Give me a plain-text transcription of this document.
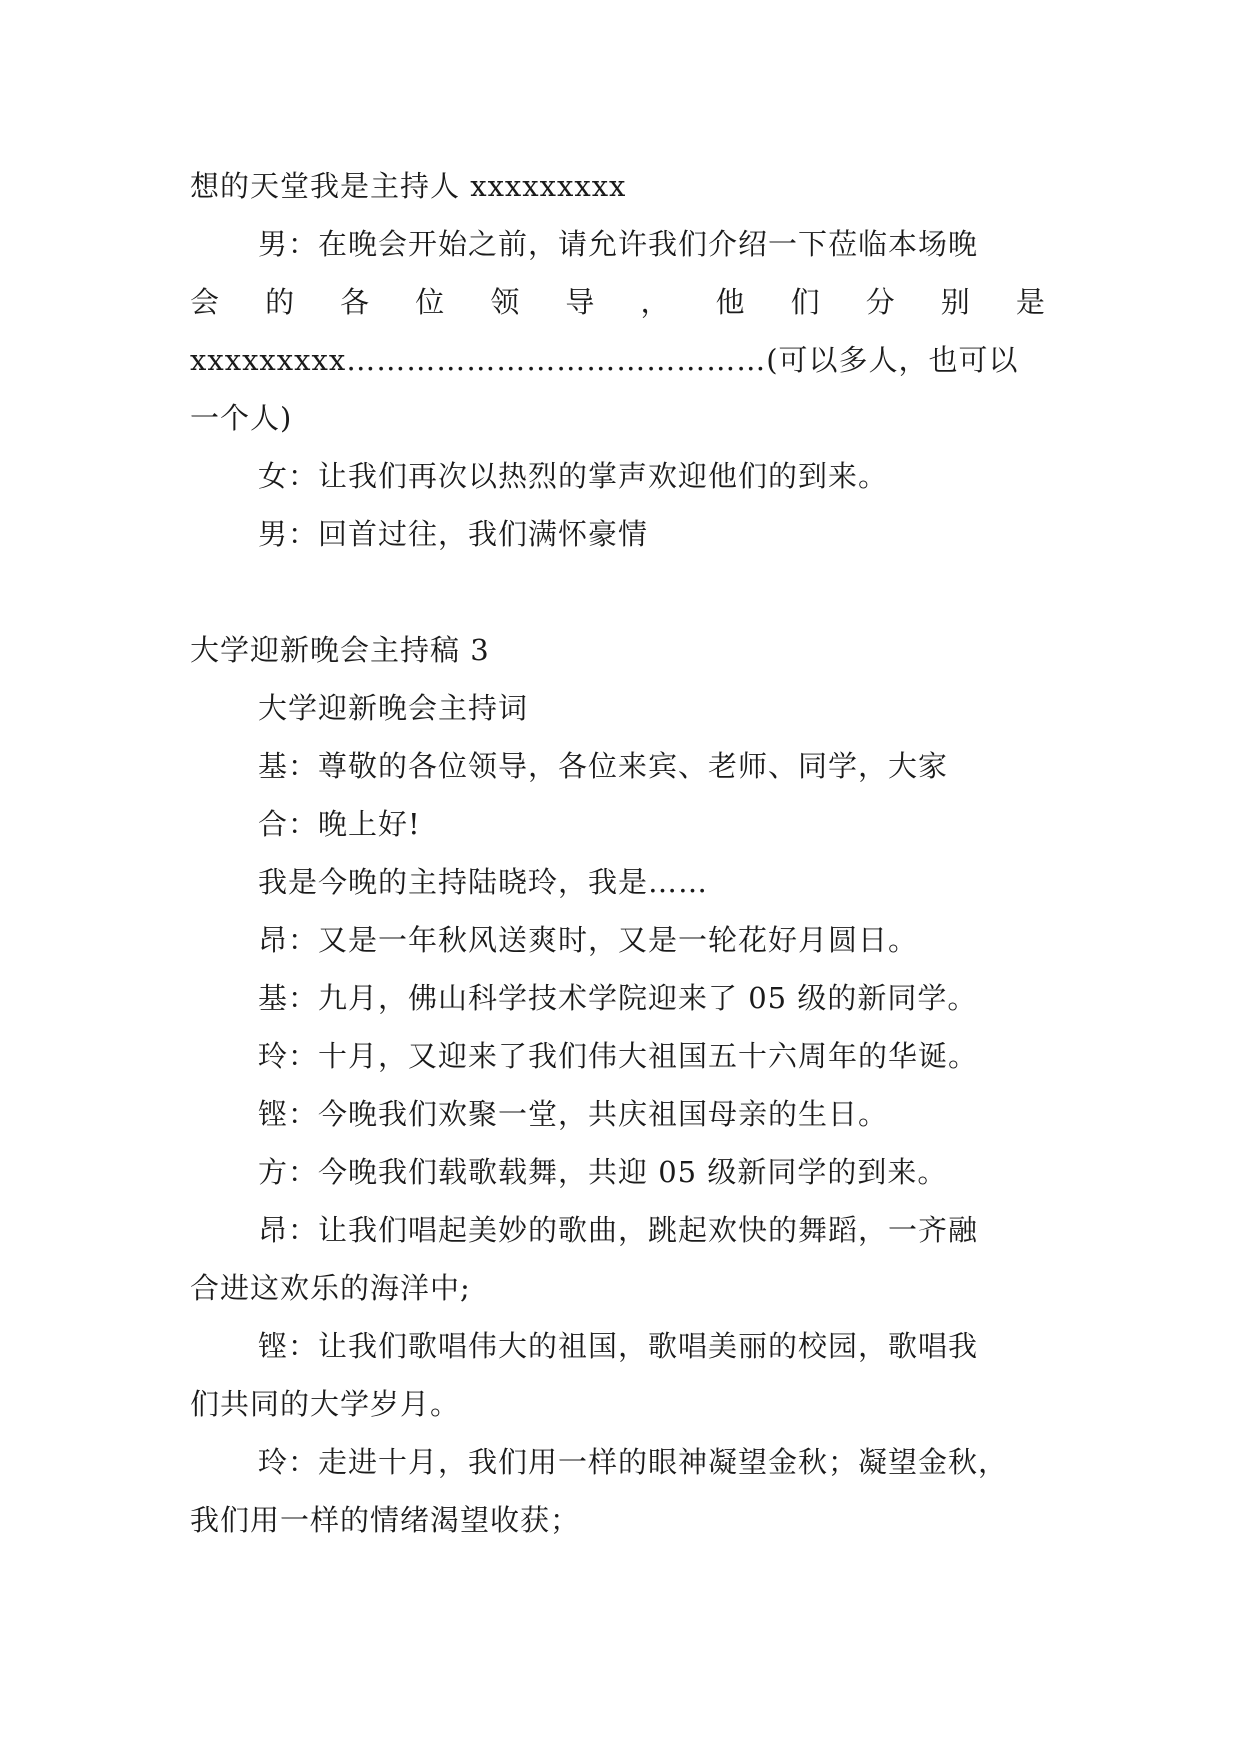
想的天堂我是主持人 xxxxxxxxx

男：在晚会开始之前，请允许我们介绍一下莅临本场晚

会 的 各 位 领 导 ， 他 们 分 别 是

xxxxxxxxx……………………………………(可以多人，也可以

一个人)

女：让我们再次以热烈的掌声欢迎他们的到来。

男：回首过往，我们满怀豪情

大学迎新晚会主持稿 3

大学迎新晚会主持词

基：尊敬的各位领导，各位来宾、老师、同学，大家

合：晚上好!

我是今晚的主持陆晓玲，我是……

昂：又是一年秋风送爽时，又是一轮花好月圆日。

基：九月，佛山科学技术学院迎来了 05 级的新同学。

玲：十月，又迎来了我们伟大祖国五十六周年的华诞。

铿：今晚我们欢聚一堂，共庆祖国母亲的生日。

方：今晚我们载歌载舞，共迎 05 级新同学的到来。

昂：让我们唱起美妙的歌曲，跳起欢快的舞蹈，一齐融

合进这欢乐的海洋中;

铿：让我们歌唱伟大的祖国，歌唱美丽的校园，歌唱我

们共同的大学岁月。

玲：走进十月，我们用一样的眼神凝望金秋；凝望金秋，

我们用一样的情绪渴望收获；
